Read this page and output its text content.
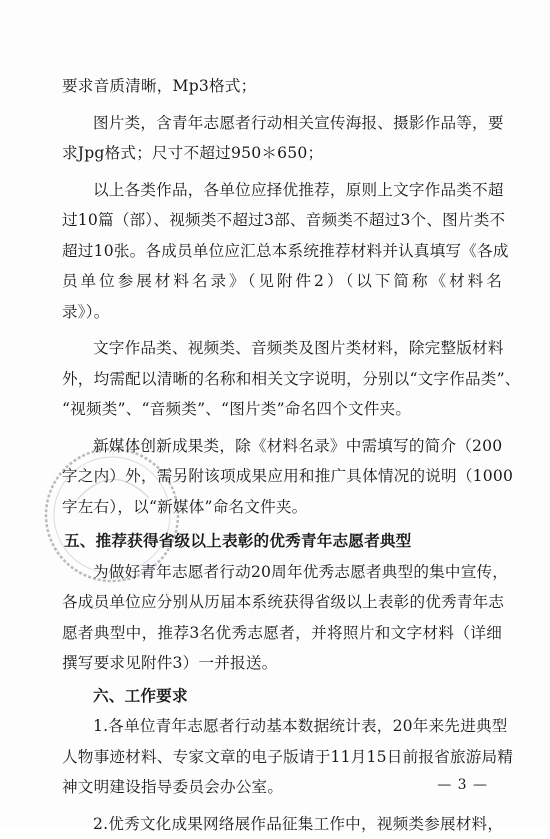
要求音质清晰，Mp3格式；
图片类，含青年志愿者行动相关宣传海报、摄影作品等，要
求Jpg格式；尺寸不超过950＊650；
以上各类作品，各单位应择优推荐，原则上文字作品类不超
过10篇（部）、视频类不超过3部、音频类不超过3个、图片类不
超过10张。各成员单位应汇总本系统推荐材料并认真填写《各成
员单位参展材料名录》（见附件2）（以下简称《材料名
录》）。
文字作品类、视频类、音频类及图片类材料，除完整版材料
外，均需配以清晰的名称和相关文字说明，分别以“文字作品类”、
“视频类”、“音频类”、“图片类”命名四个文件夹。
新媒体创新成果类，除《材料名录》中需填写的简介（200
字之内）外，需另附该项成果应用和推广具体情况的说明（1000
字左右），以“新媒体”命名文件夹。
五、推荐获得省级以上表彰的优秀青年志愿者典型
为做好青年志愿者行动20周年优秀志愿者典型的集中宣传，
各成员单位应分别从历届本系统获得省级以上表彰的优秀青年志
愿者典型中，推荐3名优秀志愿者，并将照片和文字材料（详细
撰写要求见附件3）一并报送。
六、工作要求
1.各单位青年志愿者行动基本数据统计表，20年来先进典型
人物事迹材料、专家文章的电子版请于11月15日前报省旅游局精
神文明建设指导委员会办公室。
2.优秀文化成果网络展作品征集工作中，视频类参展材料，
— 3 —
